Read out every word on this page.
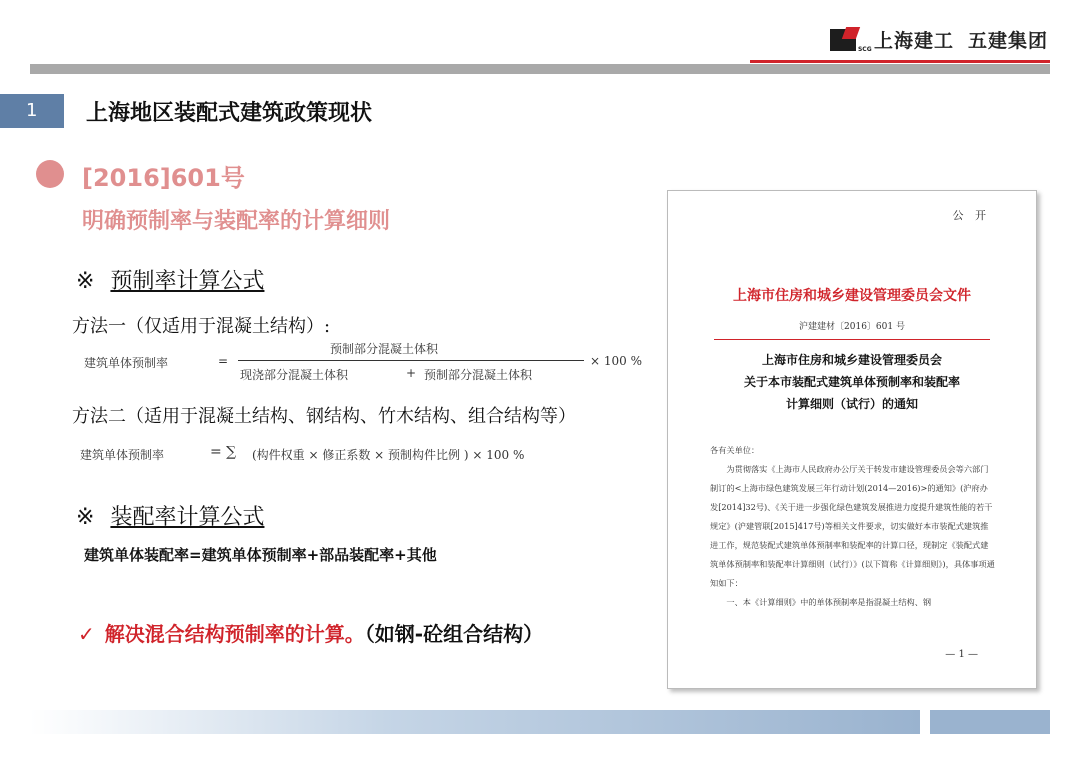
SCG 上海建工 五建集团
1	上海地区装配式建筑政策现状
[2016]601号
明确预制率与装配率的计算细则
※ 预制率计算公式
方法一（仅适用于混凝土结构）:
建筑单体预制率	=
预制部分混凝土体积
现浇部分混凝土体积	+ 预制部分混凝土体积
× 100 %
方法二（适用于混凝土结构、钢结构、竹木结构、组合结构等）
建筑单体预制率	= ∑ (构件权重 × 修正系数 × 预制构件比例 ) × 100 %
※ 装配率计算公式
建筑单体装配率=建筑单体预制率+部品装配率+其他
✓ 解决混合结构预制率的计算。（如钢-砼组合结构）
公 开
上海市住房和城乡建设管理委员会文件
沪建建材〔2016〕601 号
上海市住房和城乡建设管理委员会
关于本市装配式建筑单体预制率和装配率
计算细则（试行）的通知

各有关单位：

为贯彻落实《上海市人民政府办公厅关于转发市建设管理委员会等六部门制订的<上海市绿色建筑发展三年行动计划(2014—2016)>的通知》(沪府办发[2014]32号)、《关于进一步强化绿色建筑发展推进力度提升建筑性能的若干规定》(沪建管联[2015]417号)等相关文件要求，切实做好本市装配式建筑推进工作，规范装配式建筑单体预制率和装配率的计算口径，现制定《装配式建筑单体预制率和装配率计算细则（试行）》(以下简称《计算细则》)，具体事项通知如下：

一、本《计算细则》中的单体预制率是指混凝土结构、钢

— 1 —
